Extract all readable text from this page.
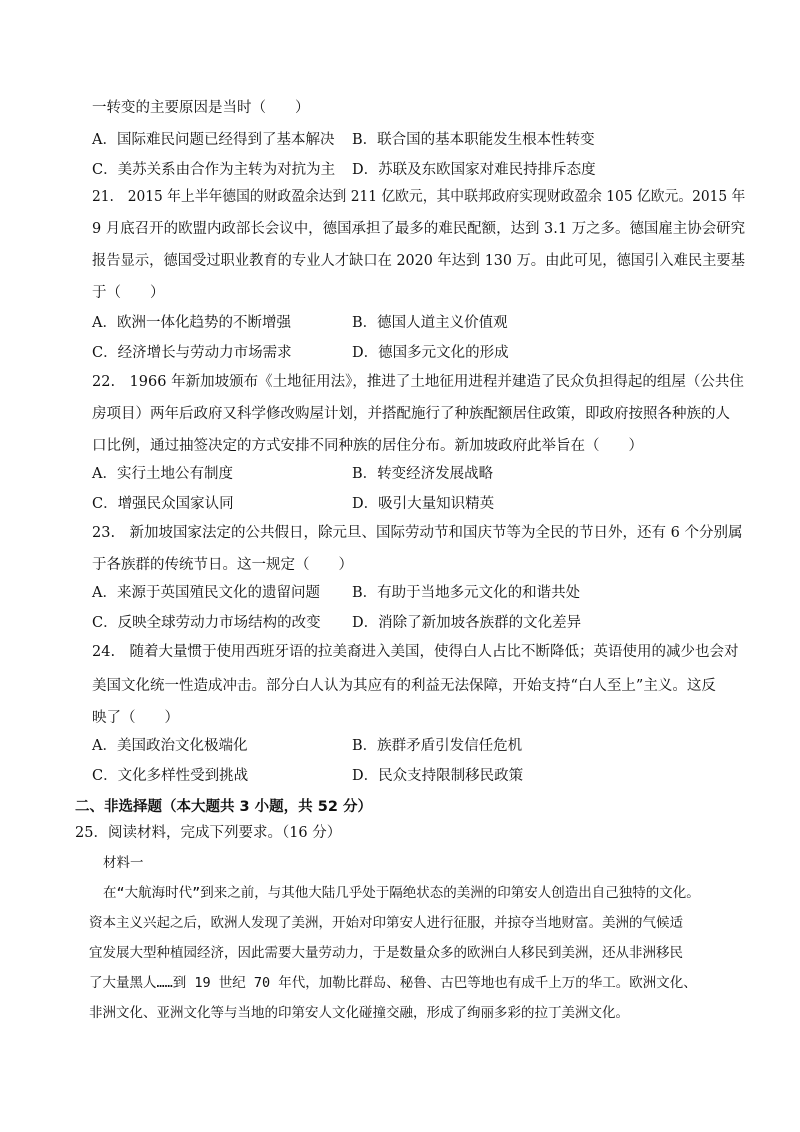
一转变的主要原因是当时（　　）
A．国际难民问题已经得到了基本解决 B．联合国的基本职能发生根本性转变
C．美苏关系由合作为主转为对抗为主 D．苏联及东欧国家对难民持排斥态度
21.　2015 年上半年德国的财政盈余达到 211 亿欧元，其中联邦政府实现财政盈余 105 亿欧元。2015 年
9 月底召开的欧盟内政部长会议中，德国承担了最多的难民配额，达到 3.1 万之多。德国雇主协会研究
报告显示，德国受过职业教育的专业人才缺口在 2020 年达到 130 万。由此可见，德国引入难民主要基
于（　　）
A．欧洲一体化趋势的不断增强	B．德国人道主义价值观
C．经济增长与劳动力市场需求	D．德国多元文化的形成
22.　1966 年新加坡颁布《土地征用法》，推进了土地征用进程并建造了民众负担得起的组屋（公共住
房项目）两年后政府又科学修改购屋计划，并搭配施行了种族配额居住政策，即政府按照各种族的人
口比例，通过抽签决定的方式安排不同种族的居住分布。新加坡政府此举旨在（　　）
A．实行土地公有制度	B．转变经济发展战略
C．增强民众国家认同	D．吸引大量知识精英
23.　新加坡国家法定的公共假日，除元旦、国际劳动节和国庆节等为全民的节日外，还有 6 个分别属
于各族群的传统节日。这一规定（　　）
A．来源于英国殖民文化的遗留问题 B．有助于当地多元文化的和谐共处
C．反映全球劳动力市场结构的改变 D．消除了新加坡各族群的文化差异
24.　随着大量惯于使用西班牙语的拉美裔进入美国，使得白人占比不断降低；英语使用的减少也会对
美国文化统一性造成冲击。部分白人认为其应有的利益无法保障，开始支持“白人至上”主义。这反
映了（　　）
A．美国政治文化极端化	B．族群矛盾引发信任危机
C．文化多样性受到挑战	D．民众支持限制移民政策
二、非选择题（本大题共 3 小题，共 52 分）
25．阅读材料，完成下列要求。（16 分）
材料一
在“大航海时代”到来之前，与其他大陆几乎处于隔绝状态的美洲的印第安人创造出自己独特的文化。
资本主义兴起之后，欧洲人发现了美洲，开始对印第安人进行征服，并掠夺当地财富。美洲的气候适
宜发展大型种植园经济，因此需要大量劳动力，于是数量众多的欧洲白人移民到美洲，还从非洲移民
了大量黑人……到 19 世纪 70 年代，加勒比群岛、秘鲁、古巴等地也有成千上万的华工。欧洲文化、
非洲文化、亚洲文化等与当地的印第安人文化碰撞交融，形成了绚丽多彩的拉丁美洲文化。
